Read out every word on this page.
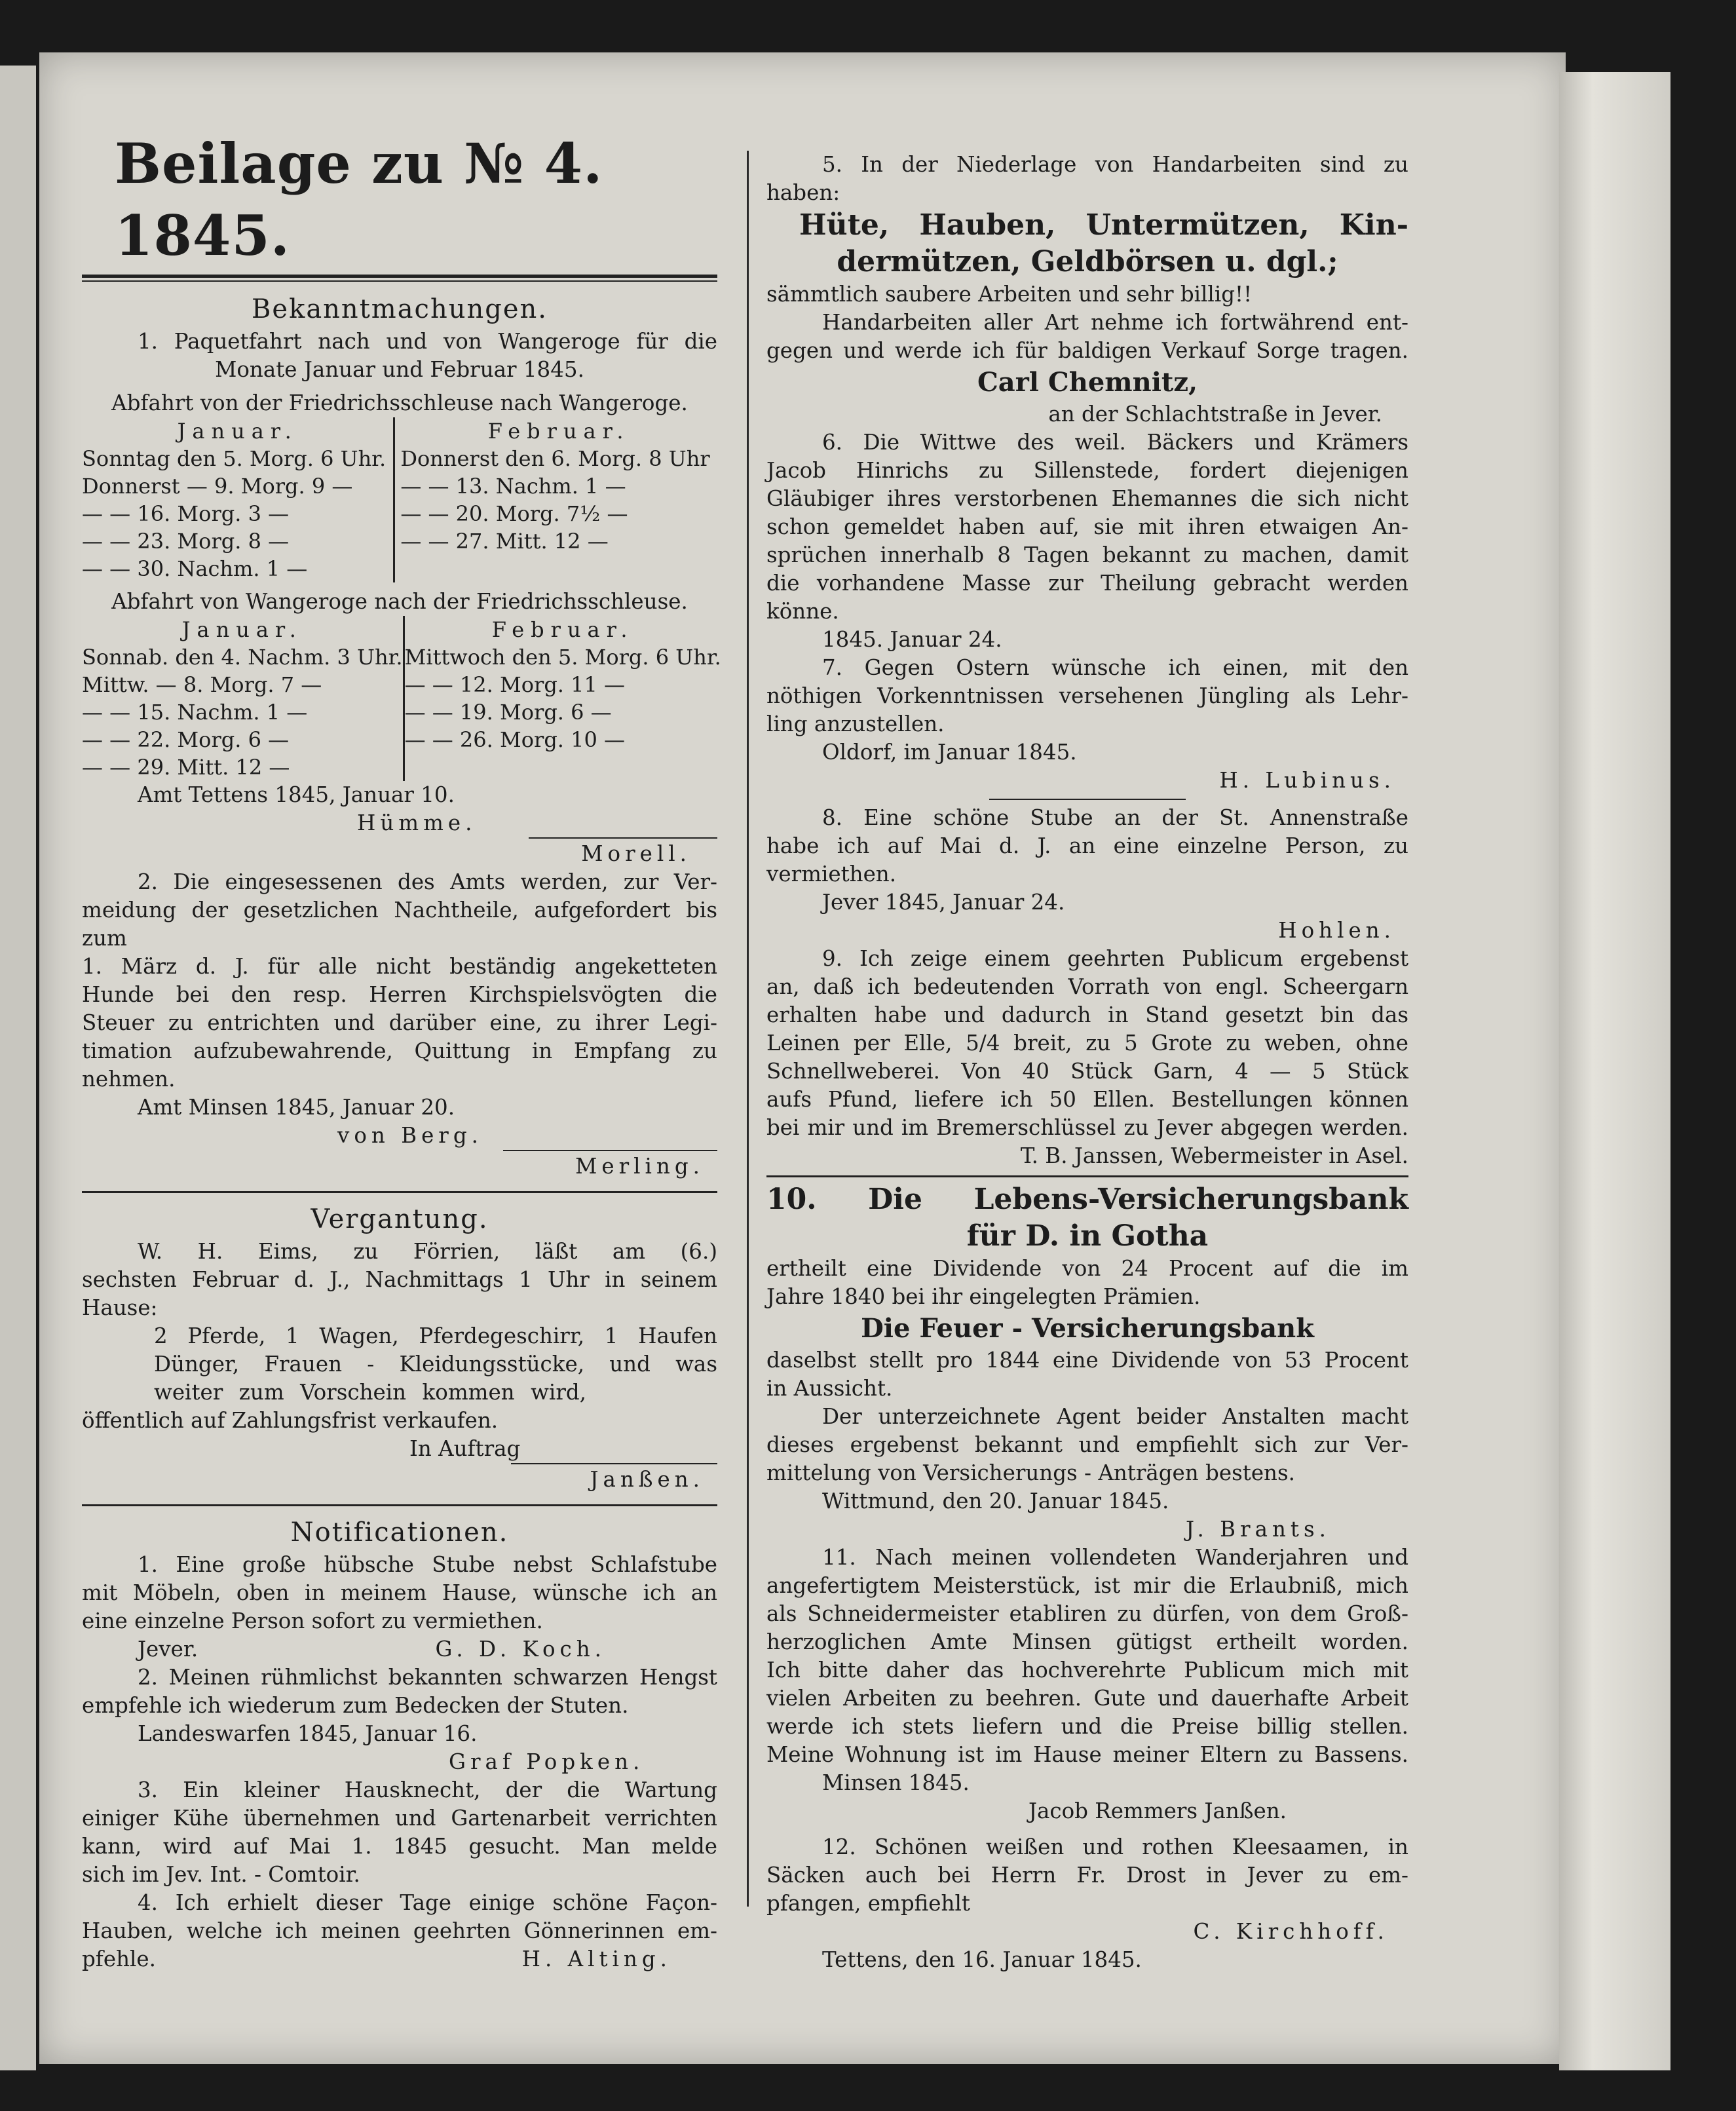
Beilage zu № 4. 1845.
Bekanntmachungen.
1. Paquetfahrt nach und von Wangeroge für die
Monate Januar und Februar 1845.
Abfahrt von der Friedrichsschleuse nach Wangeroge.
Januar.		Februar.
Sonntag den 5. Morg. 6 Uhr.		Donnerst den 6. Morg. 8 Uhr
Donnerst — 9. Morg. 9 —		— — 13. Nachm. 1 —
— — 16. Morg. 3 —		— — 20. Morg. 7½ —
— — 23. Morg. 8 —		— — 27. Mitt. 12 —
— — 30. Nachm. 1 —		
Abfahrt von Wangeroge nach der Friedrichsschleuse.
Januar.		Februar.
Sonnab. den 4. Nachm. 3 Uhr.		Mittwoch den 5. Morg. 6 Uhr.
Mittw. — 8. Morg. 7 —		— — 12. Morg. 11 —
— — 15. Nachm. 1 —		— — 19. Morg. 6 —
— — 22. Morg. 6 —		— — 26. Morg. 10 —
— — 29. Mitt. 12 —		
Amt Tettens 1845, Januar 10.
Hümme.
Morell.
2. Die eingesessenen des Amts werden, zur Ver-
meidung der gesetzlichen Nachtheile, aufgefordert bis zum
1. März d. J. für alle nicht beständig angeketteten
Hunde bei den resp. Herren Kirchspielsvögten die
Steuer zu entrichten und darüber eine, zu ihrer Legi-
timation aufzubewahrende, Quittung in Empfang zu
nehmen.
Amt Minsen 1845, Januar 20.
von Berg.
Merling.
Vergantung.
W. H. Eims, zu Förrien, läßt am (6.)
sechsten Februar d. J., Nachmittags 1 Uhr in seinem
Hause:
2 Pferde, 1 Wagen, Pferdegeschirr, 1 Haufen
Dünger, Frauen - Kleidungsstücke, und was
weiter zum Vorschein kommen wird,
öffentlich auf Zahlungsfrist verkaufen.
In Auftrag
Janßen.
Notificationen.
1. Eine große hübsche Stube nebst Schlafstube
mit Möbeln, oben in meinem Hause, wünsche ich an
eine einzelne Person sofort zu vermiethen.
Jever.	G. D. Koch.
2. Meinen rühmlichst bekannten schwarzen Hengst
empfehle ich wiederum zum Bedecken der Stuten.
Landeswarfen 1845, Januar 16.
Graf Popken.
3. Ein kleiner Hausknecht, der die Wartung
einiger Kühe übernehmen und Gartenarbeit verrichten
kann, wird auf Mai 1. 1845 gesucht. Man melde
sich im Jev. Int. - Comtoir.
4. Ich erhielt dieser Tage einige schöne Façon-
Hauben, welche ich meinen geehrten Gönnerinnen em-
pfehle.	H. Alting.
5. In der Niederlage von Handarbeiten sind zu
haben:
Hüte, Hauben, Untermützen, Kin-
dermützen, Geldbörsen u. dgl.;
sämmtlich saubere Arbeiten und sehr billig!!
Handarbeiten aller Art nehme ich fortwährend ent-
gegen und werde ich für baldigen Verkauf Sorge tragen.
Carl Chemnitz,
an der Schlachtstraße in Jever.
6. Die Wittwe des weil. Bäckers und Krämers
Jacob Hinrichs zu Sillenstede, fordert diejenigen
Gläubiger ihres verstorbenen Ehemannes die sich nicht
schon gemeldet haben auf, sie mit ihren etwaigen An-
sprüchen innerhalb 8 Tagen bekannt zu machen, damit
die vorhandene Masse zur Theilung gebracht werden
könne.
1845. Januar 24.
7. Gegen Ostern wünsche ich einen, mit den
nöthigen Vorkenntnissen versehenen Jüngling als Lehr-
ling anzustellen.
Oldorf, im Januar 1845.
H. Lubinus.
8. Eine schöne Stube an der St. Annenstraße
habe ich auf Mai d. J. an eine einzelne Person, zu
vermiethen.
Jever 1845, Januar 24.
Hohlen.
9. Ich zeige einem geehrten Publicum ergebenst
an, daß ich bedeutenden Vorrath von engl. Scheergarn
erhalten habe und dadurch in Stand gesetzt bin das
Leinen per Elle, 5/4 breit, zu 5 Grote zu weben, ohne
Schnellweberei. Von 40 Stück Garn, 4 — 5 Stück
aufs Pfund, liefere ich 50 Ellen. Bestellungen können
bei mir und im Bremerschlüssel zu Jever abgegen werden.
T. B. Janssen, Webermeister in Asel.
10. Die Lebens-Versicherungsbank
für D. in Gotha
ertheilt eine Dividende von 24 Procent auf die im
Jahre 1840 bei ihr eingelegten Prämien.
Die Feuer - Versicherungsbank
daselbst stellt pro 1844 eine Dividende von 53 Procent
in Aussicht.
Der unterzeichnete Agent beider Anstalten macht
dieses ergebenst bekannt und empfiehlt sich zur Ver-
mittelung von Versicherungs - Anträgen bestens.
Wittmund, den 20. Januar 1845.
J. Brants.
11. Nach meinen vollendeten Wanderjahren und
angefertigtem Meisterstück, ist mir die Erlaubniß, mich
als Schneidermeister etabliren zu dürfen, von dem Groß-
herzoglichen Amte Minsen gütigst ertheilt worden.
Ich bitte daher das hochverehrte Publicum mich mit
vielen Arbeiten zu beehren. Gute und dauerhafte Arbeit
werde ich stets liefern und die Preise billig stellen.
Meine Wohnung ist im Hause meiner Eltern zu Bassens.
Minsen 1845.
Jacob Remmers Janßen.
12. Schönen weißen und rothen Kleesaamen, in
Säcken auch bei Herrn Fr. Drost in Jever zu em-
pfangen, empfiehlt
C. Kirchhoff.
Tettens, den 16. Januar 1845.
